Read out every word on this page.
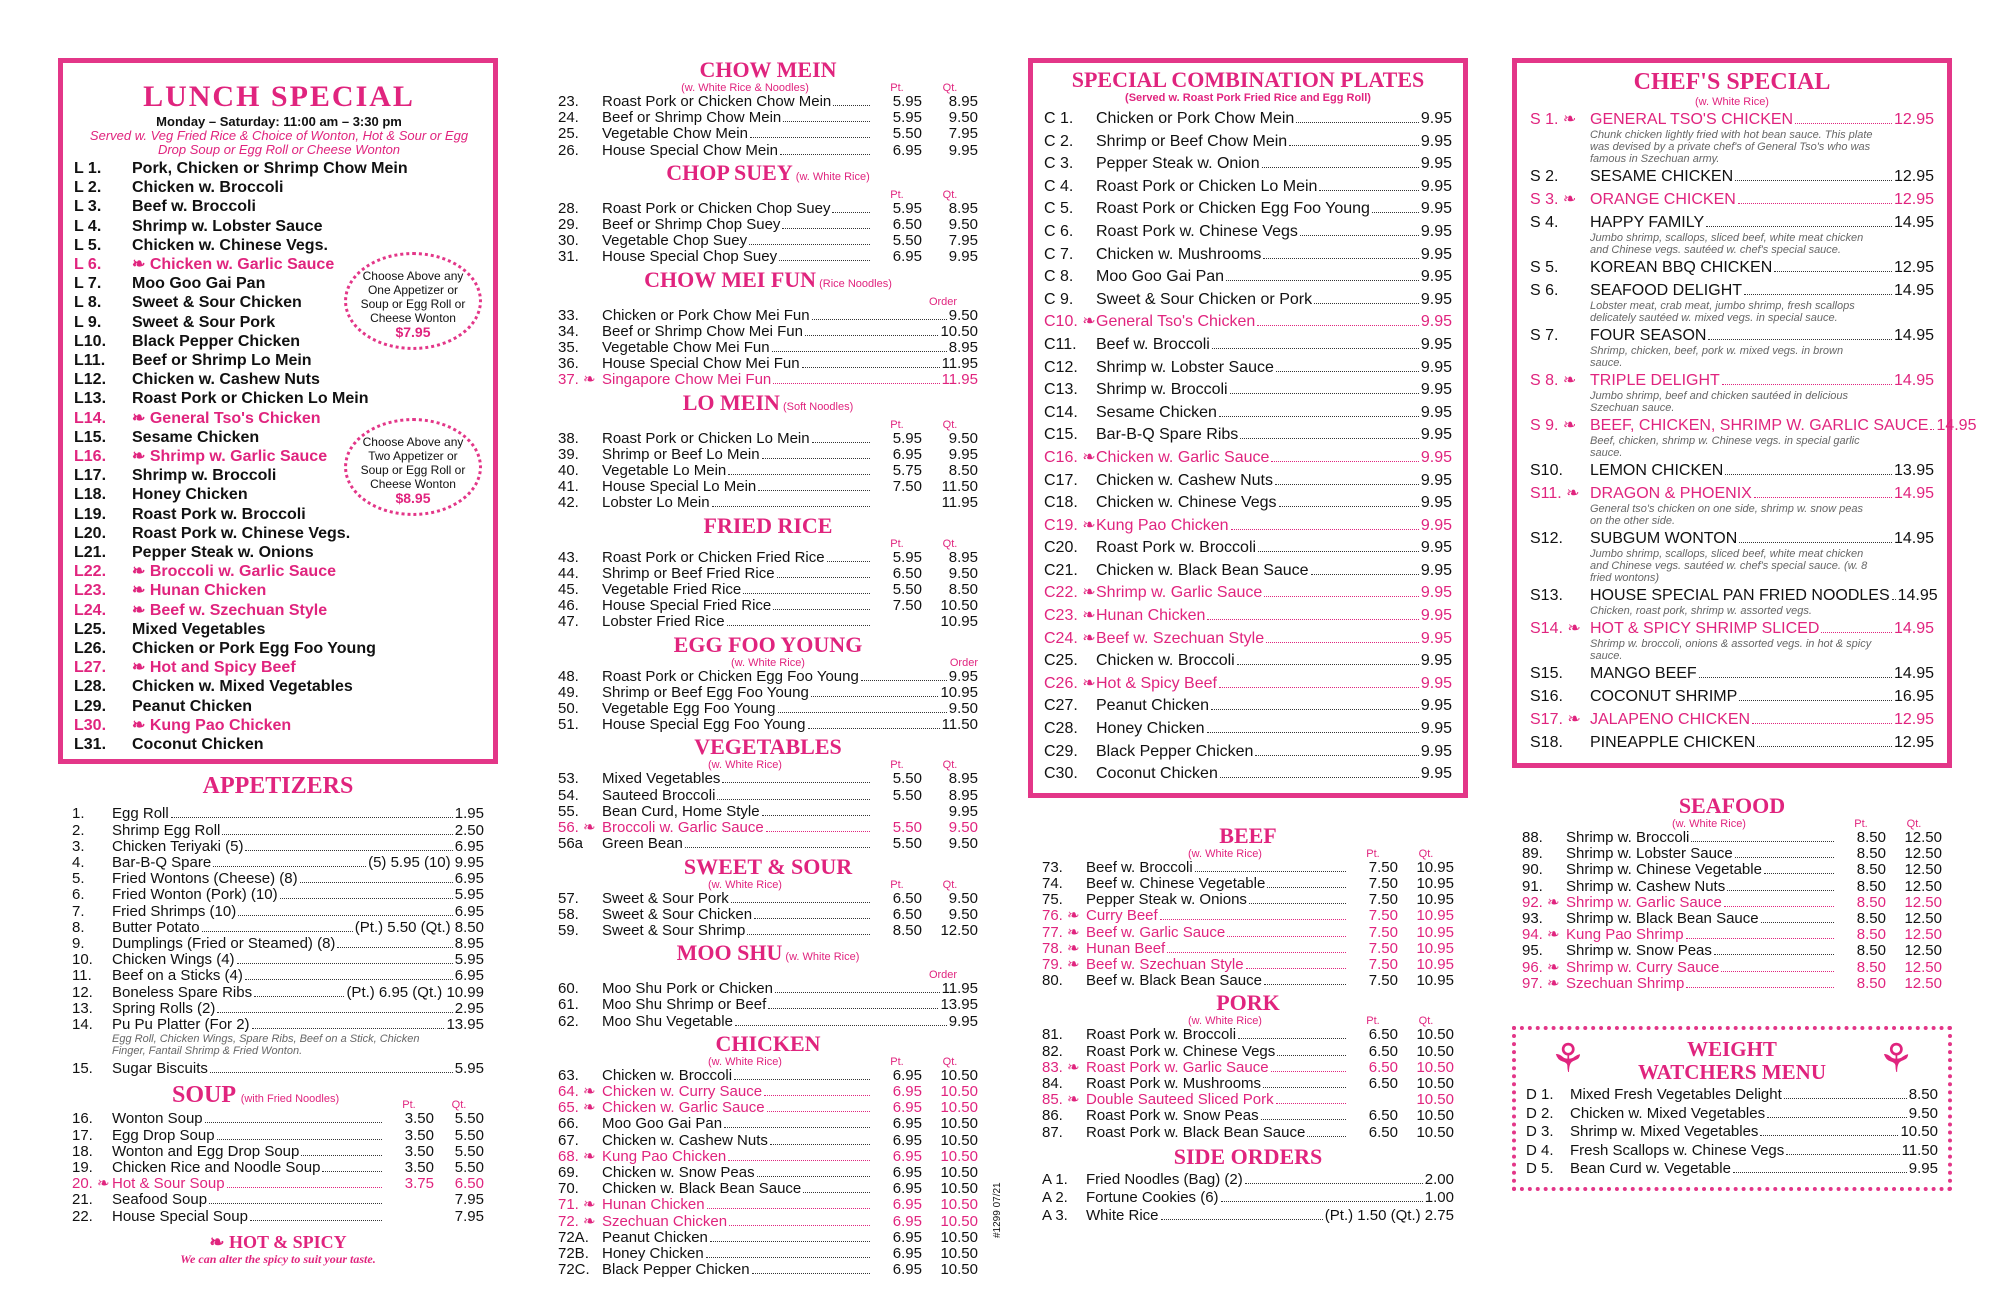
LUNCH SPECIAL
Monday – Saturday: 11:00 am – 3:30 pm
Served w. Veg Fried Rice & Choice of Wonton, Hot & Sour or Egg Drop Soup or Egg Roll or Cheese Wonton
L 1.	Pork, Chicken or Shrimp Chow Mein
L 2.	Chicken w. Broccoli
L 3.	Beef w. Broccoli
L 4.	Shrimp w. Lobster Sauce
L 5.	Chicken w. Chinese Vegs.
L 6.	❧ Chicken w. Garlic Sauce
L 7.	Moo Goo Gai Pan
L 8.	Sweet & Sour Chicken
L 9.	Sweet & Sour Pork
L10.	Black Pepper Chicken
L11.	Beef or Shrimp Lo Mein
L12.	Chicken w. Cashew Nuts
L13.	Roast Pork or Chicken Lo Mein
L14.	❧ General Tso's Chicken
L15.	Sesame Chicken
L16.	❧ Shrimp w. Garlic Sauce
L17.	Shrimp w. Broccoli
L18.	Honey Chicken
L19.	Roast Pork w. Broccoli
L20.	Roast Pork w. Chinese Vegs.
L21.	Pepper Steak w. Onions
L22.	❧ Broccoli w. Garlic Sauce
L23.	❧ Hunan Chicken
L24.	❧ Beef w. Szechuan Style
L25.	Mixed Vegetables
L26.	Chicken or Pork Egg Foo Young
L27.	❧ Hot and Spicy Beef
L28.	Chicken w. Mixed Vegetables
L29.	Peanut Chicken
L30.	❧ Kung Pao Chicken
L31.	Coconut Chicken
Choose Above any One Appetizer or Soup or Egg Roll or Cheese Wonton
$7.95
Choose Above any Two Appetizer or Soup or Egg Roll or Cheese Wonton
$8.95
APPETIZERS
1.	Egg Roll	1.95
2.	Shrimp Egg Roll	2.50
3.	Chicken Teriyaki (5)	6.95
4.	Bar-B-Q Spare	(5) 5.95 (10) 9.95
5.	Fried Wontons (Cheese) (8)	6.95
6.	Fried Wonton (Pork) (10)	5.95
7.	Fried Shrimps (10)	6.95
8.	Butter Potato	(Pt.) 5.50 (Qt.) 8.50
9.	Dumplings (Fried or Steamed) (8)	8.95
10.	Chicken Wings (4)	5.95
11.	Beef on a Sticks (4)	6.95
12.	Boneless Spare Ribs	(Pt.) 6.95 (Qt.) 10.99
13.	Spring Rolls (2)	2.95
14.	Pu Pu Platter (For 2)	13.95
Egg Roll, Chicken Wings, Spare Ribs, Beef on a Stick, Chicken Finger, Fantail Shrimp & Fried Wonton.
15.	Sugar Biscuits	5.95
SOUP (with Fried Noodles)	Pt.	Qt.
16.	Wonton Soup	3.50	5.50
17.	Egg Drop Soup	3.50	5.50
18.	Wonton and Egg Drop Soup	3.50	5.50
19.	Chicken Rice and Noodle Soup	3.50	5.50
20. ❧ Hot & Sour Soup	3.75	6.50
21.	Seafood Soup	7.95
22.	House Special Soup	7.95
❧ HOT & SPICY
We can alter the spicy to suit your taste.
CHOW MEIN
(w. White Rice & Noodles)	Pt.	Qt.
23.	Roast Pork or Chicken Chow Mein	5.95	8.95
24.	Beef or Shrimp Chow Mein	5.95	9.50
25.	Vegetable Chow Mein	5.50	7.95
26.	House Special Chow Mein	6.95	9.95
CHOP SUEY (w. White Rice)
Pt.	Qt.
28.	Roast Pork or Chicken Chop Suey	5.95	8.95
29.	Beef or Shrimp Chop Suey	6.50	9.50
30.	Vegetable Chop Suey	5.50	7.95
31.	House Special Chop Suey	6.95	9.95
CHOW MEI FUN (Rice Noodles)
Order
33.	Chicken or Pork Chow Mei Fun	9.50
34.	Beef or Shrimp Chow Mei Fun	10.50
35.	Vegetable Chow Mei Fun	8.95
36.	House Special Chow Mei Fun	11.95
37. ❧ Singapore Chow Mei Fun	11.95
LO MEIN (Soft Noodles)
Pt.	Qt.
38.	Roast Pork or Chicken Lo Mein	5.95	9.50
39.	Shrimp or Beef Lo Mein	6.95	9.95
40.	Vegetable Lo Mein	5.75	8.50
41.	House Special Lo Mein	7.50	11.50
42.	Lobster Lo Mein	11.95
FRIED RICE
Pt.	Qt.
43.	Roast Pork or Chicken Fried Rice	5.95	8.95
44.	Shrimp or Beef Fried Rice	6.50	9.50
45.	Vegetable Fried Rice	5.50	8.50
46.	House Special Fried Rice	7.50	10.50
47.	Lobster Fried Rice	10.95
EGG FOO YOUNG
(w. White Rice)	Order
48.	Roast Pork or Chicken Egg Foo Young	9.95
49.	Shrimp or Beef Egg Foo Young	10.95
50.	Vegetable Egg Foo Young	9.50
51.	House Special Egg Foo Young	11.50
VEGETABLES
(w. White Rice)	Pt.	Qt.
53.	Mixed Vegetables	5.50	8.95
54.	Sauteed Broccoli	5.50	8.95
55.	Bean Curd, Home Style	9.95
56. ❧ Broccoli w. Garlic Sauce	5.50	9.50
56a	Green Bean	5.50	9.50
SWEET & SOUR
(w. White Rice)	Pt.	Qt.
57.	Sweet & Sour Pork	6.50	9.50
58.	Sweet & Sour Chicken	6.50	9.50
59.	Sweet & Sour Shrimp	8.50	12.50
MOO SHU (w. White Rice)
Order
60.	Moo Shu Pork or Chicken	11.95
61.	Moo Shu Shrimp or Beef	13.95
62.	Moo Shu Vegetable	9.95
CHICKEN
(w. White Rice)	Pt.	Qt.
63.	Chicken w. Broccoli	6.95	10.50
64. ❧ Chicken w. Curry Sauce	6.95	10.50
65. ❧ Chicken w. Garlic Sauce	6.95	10.50
66.	Moo Goo Gai Pan	6.95	10.50
67.	Chicken w. Cashew Nuts	6.95	10.50
68. ❧ Kung Pao Chicken	6.95	10.50
69.	Chicken w. Snow Peas	6.95	10.50
70.	Chicken w. Black Bean Sauce	6.95	10.50
71. ❧ Hunan Chicken	6.95	10.50
72. ❧ Szechuan Chicken	6.95	10.50
72A. Peanut Chicken	6.95	10.50
72B. Honey Chicken	6.95	10.50
72C. Black Pepper Chicken	6.95	10.50
SPECIAL COMBINATION PLATES
(Served w. Roast Pork Fried Rice and Egg Roll)
C 1.	Chicken or Pork Chow Mein	9.95
C 2.	Shrimp or Beef Chow Mein	9.95
C 3.	Pepper Steak w. Onion	9.95
C 4.	Roast Pork or Chicken Lo Mein	9.95
C 5.	Roast Pork or Chicken Egg Foo Young	9.95
C 6.	Roast Pork w. Chinese Vegs	9.95
C 7.	Chicken w. Mushrooms	9.95
C 8.	Moo Goo Gai Pan	9.95
C 9.	Sweet & Sour Chicken or Pork	9.95
C10. ❧ General Tso's Chicken	9.95
C11.	Beef w. Broccoli	9.95
C12.	Shrimp w. Lobster Sauce	9.95
C13.	Shrimp w. Broccoli	9.95
C14.	Sesame Chicken	9.95
C15.	Bar-B-Q Spare Ribs	9.95
C16. ❧ Chicken w. Garlic Sauce	9.95
C17.	Chicken w. Cashew Nuts	9.95
C18.	Chicken w. Chinese Vegs	9.95
C19. ❧ Kung Pao Chicken	9.95
C20.	Roast Pork w. Broccoli	9.95
C21.	Chicken w. Black Bean Sauce	9.95
C22. ❧ Shrimp w. Garlic Sauce	9.95
C23. ❧ Hunan Chicken	9.95
C24. ❧ Beef w. Szechuan Style	9.95
C25.	Chicken w. Broccoli	9.95
C26. ❧ Hot & Spicy Beef	9.95
C27.	Peanut Chicken	9.95
C28.	Honey Chicken	9.95
C29.	Black Pepper Chicken	9.95
C30.	Coconut Chicken	9.95
BEEF
(w. White Rice)	Pt.	Qt.
73.	Beef w. Broccoli	7.50	10.95
74.	Beef w. Chinese Vegetable	7.50	10.95
75.	Pepper Steak w. Onions	7.50	10.95
76. ❧ Curry Beef	7.50	10.95
77. ❧ Beef w. Garlic Sauce	7.50	10.95
78. ❧ Hunan Beef	7.50	10.95
79. ❧ Beef w. Szechuan Style	7.50	10.95
80.	Beef w. Black Bean Sauce	7.50	10.95
PORK
(w. White Rice)	Pt.	Qt.
81.	Roast Pork w. Broccoli	6.50	10.50
82.	Roast Pork w. Chinese Vegs	6.50	10.50
83. ❧ Roast Pork w. Garlic Sauce	6.50	10.50
84.	Roast Pork w. Mushrooms	6.50	10.50
85. ❧ Double Sauteed Sliced Pork	10.50
86.	Roast Pork w. Snow Peas	6.50	10.50
87.	Roast Pork w. Black Bean Sauce	6.50	10.50
SIDE ORDERS
A 1.	Fried Noodles (Bag) (2)	2.00
A 2.	Fortune Cookies (6)	1.00
A 3.	White Rice	(Pt.) 1.50 (Qt.) 2.75
#1299 07/21
CHEF'S SPECIAL
(w. White Rice)
S 1. ❧ GENERAL TSO'S CHICKEN	12.95
Chunk chicken lightly fried with hot bean sauce. This plate was devised by a private chef's of General Tso's who was famous in Szechuan army.
S 2.	SESAME CHICKEN	12.95
S 3. ❧ ORANGE CHICKEN	12.95
S 4.	HAPPY FAMILY	14.95
Jumbo shrimp, scallops, sliced beef, white meat chicken and Chinese vegs. sautéed w. chef's special sauce.
S 5.	KOREAN BBQ CHICKEN	12.95
S 6.	SEAFOOD DELIGHT	14.95
Lobster meat, crab meat, jumbo shrimp, fresh scallops delicately sautéed w. mixed vegs. in special sauce.
S 7.	FOUR SEASON	14.95
Shrimp, chicken, beef, pork w. mixed vegs. in brown sauce.
S 8. ❧ TRIPLE DELIGHT	14.95
Jumbo shrimp, beef and chicken sautéed in delicious Szechuan sauce.
S 9. ❧ BEEF, CHICKEN, SHRIMP W. GARLIC SAUCE 14.95
Beef, chicken, shrimp w. Chinese vegs. in special garlic sauce.
S10.	LEMON CHICKEN	13.95
S11. ❧ DRAGON & PHOENIX	14.95
General tso's chicken on one side, shrimp w. snow peas on the other side.
S12.	SUBGUM WONTON	14.95
Jumbo shrimp, scallops, sliced beef, white meat chicken and Chinese vegs. sautéed w. chef's special sauce. (w. 8 fried wontons)
S13.	HOUSE SPECIAL PAN FRIED NOODLES 14.95
Chicken, roast pork, shrimp w. assorted vegs.
S14. ❧ HOT & SPICY SHRIMP SLICED	14.95
Shrimp w. broccoli, onions & assorted vegs. in hot & spicy sauce.
S15.	MANGO BEEF	14.95
S16.	COCONUT SHRIMP	16.95
S17. ❧ JALAPENO CHICKEN	12.95
S18.	PINEAPPLE CHICKEN	12.95
SEAFOOD
(w. White Rice)	Pt.	Qt.
88.	Shrimp w. Broccoli	8.50	12.50
89.	Shrimp w. Lobster Sauce	8.50	12.50
90.	Shrimp w. Chinese Vegetable	8.50	12.50
91.	Shrimp w. Cashew Nuts	8.50	12.50
92. ❧ Shrimp w. Garlic Sauce	8.50	12.50
93.	Shrimp w. Black Bean Sauce	8.50	12.50
94. ❧ Kung Pao Shrimp	8.50	12.50
95.	Shrimp w. Snow Peas	8.50	12.50
96. ❧ Shrimp w. Curry Sauce	8.50	12.50
97. ❧ Szechuan Shrimp	8.50	12.50
⚘	⚘
WEIGHT
WATCHERS MENU
D 1.	Mixed Fresh Vegetables Delight	8.50
D 2.	Chicken w. Mixed Vegetables	9.50
D 3.	Shrimp w. Mixed Vegetables	10.50
D 4.	Fresh Scallops w. Chinese Vegs	11.50
D 5.	Bean Curd w. Vegetable	9.95
